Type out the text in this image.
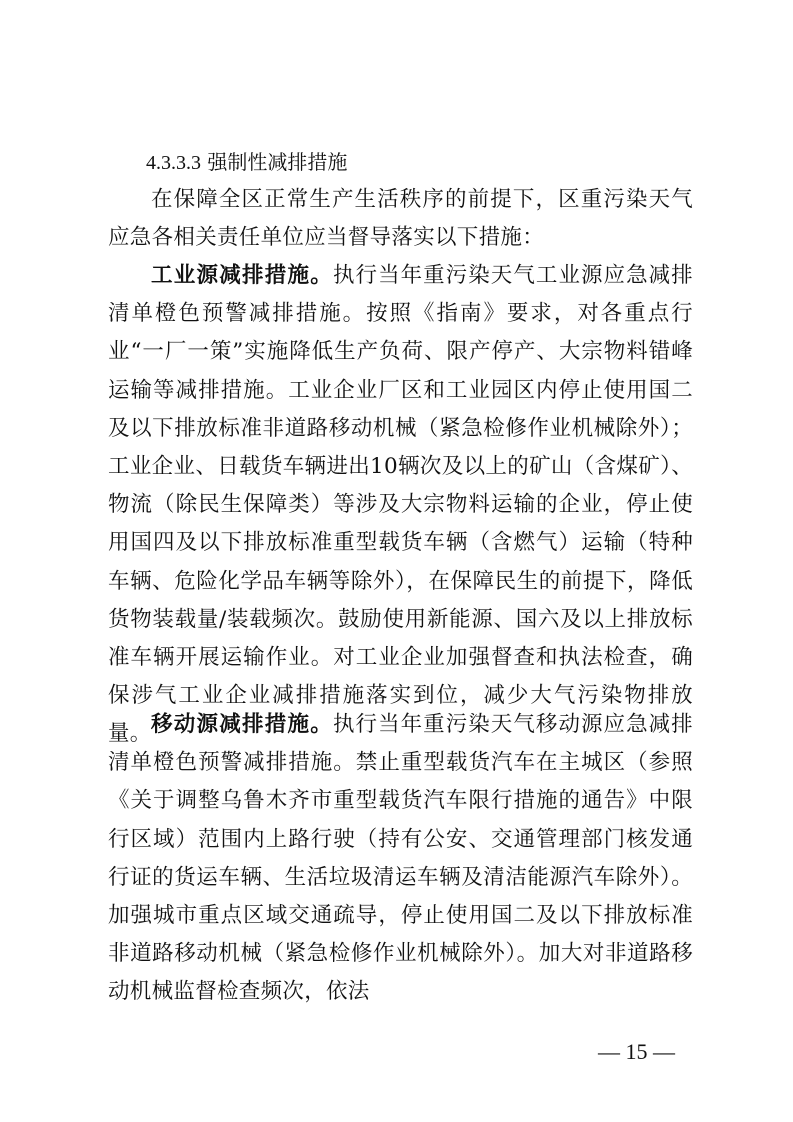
4.3.3.3 强制性减排措施

在保障全区正常生产生活秩序的前提下，区重污染天气应急各相关责任单位应当督导落实以下措施：

工业源减排措施。执行当年重污染天气工业源应急减排清单橙色预警减排措施。按照《指南》要求，对各重点行业“一厂一策”实施降低生产负荷、限产停产、大宗物料错峰运输等减排措施。工业企业厂区和工业园区内停止使用国二及以下排放标准非道路移动机械（紧急检修作业机械除外）；工业企业、日载货车辆进出10辆次及以上的矿山（含煤矿）、物流（除民生保障类）等涉及大宗物料运输的企业，停止使用国四及以下排放标准重型载货车辆（含燃气）运输（特种车辆、危险化学品车辆等除外），在保障民生的前提下，降低货物装载量/装载频次。鼓励使用新能源、国六及以上排放标准车辆开展运输作业。对工业企业加强督查和执法检查，确保涉气工业企业减排措施落实到位，减少大气污染物排放量。 移动源减排措施。执行当年重污染天气移动源应急减排清单橙色预警减排措施。禁止重型载货汽车在主城区（参照《关于调整乌鲁木齐市重型载货汽车限行措施的通告》中限行区域）范围内上路行驶（持有公安、交通管理部门核发通行证的货运车辆、生活垃圾清运车辆及清洁能源汽车除外）。加强城市重点区域交通疏导，停止使用国二及以下排放标准非道路移动机械（紧急检修作业机械除外）。加大对非道路移动机械监督检查频次，依法

— 15 —
